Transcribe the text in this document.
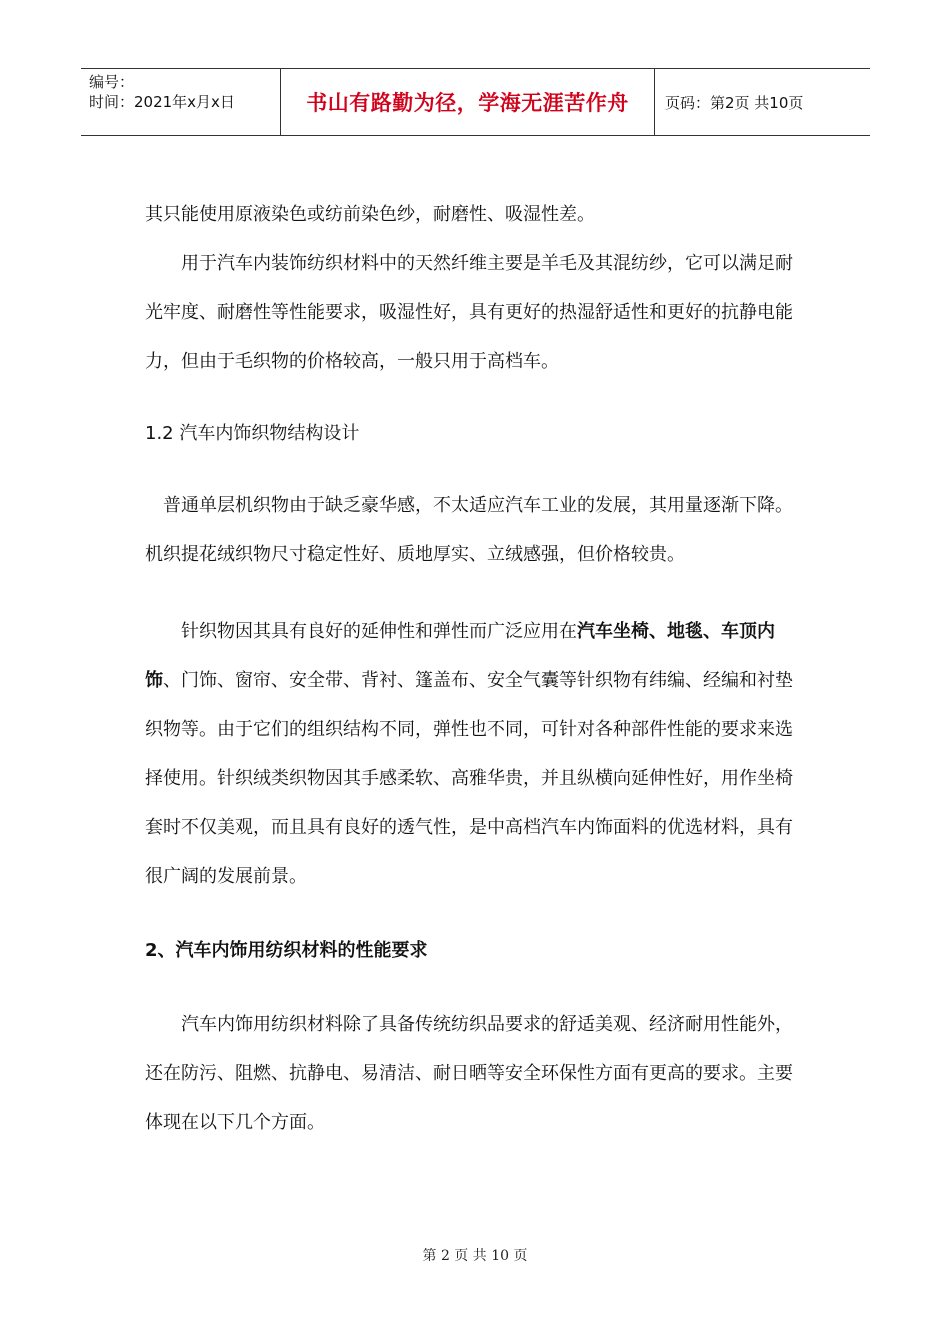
编号：
时间：2021年x月x日	书山有路勤为径，学海无涯苦作舟	页码：第2页 共10页

其只能使用原液染色或纺前染色纱，耐磨性、吸湿性差。

用于汽车内装饰纺织材料中的天然纤维主要是羊毛及其混纺纱，它可以满足耐光牢度、耐磨性等性能要求，吸湿性好，具有更好的热湿舒适性和更好的抗静电能力，但由于毛织物的价格较高，一般只用于高档车。

1.2 汽车内饰织物结构设计

普通单层机织物由于缺乏豪华感，不太适应汽车工业的发展，其用量逐渐下降。机织提花绒织物尺寸稳定性好、质地厚实、立绒感强，但价格较贵。

针织物因其具有良好的延伸性和弹性而广泛应用在汽车坐椅、地毯、车顶内饰、门饰、窗帘、安全带、背衬、篷盖布、安全气囊等针织物有纬编、经编和衬垫织物等。由于它们的组织结构不同，弹性也不同，可针对各种部件性能的要求来选择使用。针织绒类织物因其手感柔软、高雅华贵，并且纵横向延伸性好，用作坐椅套时不仅美观，而且具有良好的透气性，是中高档汽车内饰面料的优选材料，具有很广阔的发展前景。

2、汽车内饰用纺织材料的性能要求

汽车内饰用纺织材料除了具备传统纺织品要求的舒适美观、经济耐用性能外，还在防污、阻燃、抗静电、易清洁、耐日晒等安全环保性方面有更高的要求。主要体现在以下几个方面。

第 2 页 共 10 页
